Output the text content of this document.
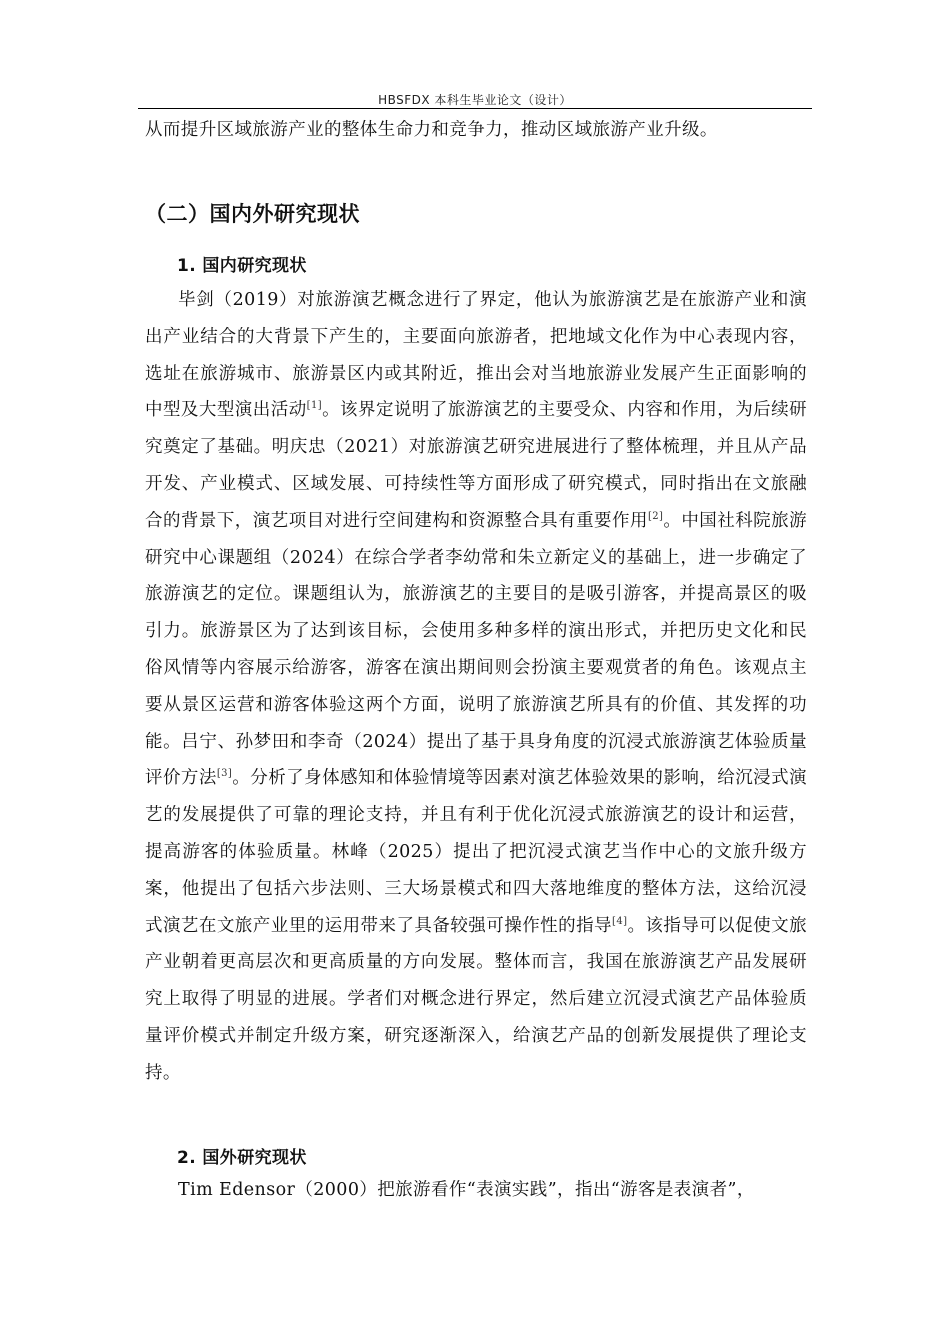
HBSFDX 本科生毕业论文（设计）
从而提升区域旅游产业的整体生命力和竞争力，推动区域旅游产业升级。
（二）国内外研究现状
1. 国内研究现状
毕剑（2019）对旅游演艺概念进行了界定，他认为旅游演艺是在旅游产业和演出产业结合的大背景下产生的，主要面向旅游者，把地域文化作为中心表现内容，选址在旅游城市、旅游景区内或其附近，推出会对当地旅游业发展产生正面影响的中型及大型演出活动[1]。该界定说明了旅游演艺的主要受众、内容和作用，为后续研究奠定了基础。明庆忠（2021）对旅游演艺研究进展进行了整体梳理，并且从产品开发、产业模式、区域发展、可持续性等方面形成了研究模式，同时指出在文旅融合的背景下，演艺项目对进行空间建构和资源整合具有重要作用[2]。中国社科院旅游研究中心课题组（2024）在综合学者李幼常和朱立新定义的基础上，进一步确定了旅游演艺的定位。课题组认为，旅游演艺的主要目的是吸引游客，并提高景区的吸引力。旅游景区为了达到该目标，会使用多种多样的演出形式，并把历史文化和民俗风情等内容展示给游客，游客在演出期间则会扮演主要观赏者的角色。该观点主要从景区运营和游客体验这两个方面，说明了旅游演艺所具有的价值、其发挥的功能。吕宁、孙梦田和李奇（2024）提出了基于具身角度的沉浸式旅游演艺体验质量评价方法[3]。分析了身体感知和体验情境等因素对演艺体验效果的影响，给沉浸式演艺的发展提供了可靠的理论支持，并且有利于优化沉浸式旅游演艺的设计和运营，提高游客的体验质量。林峰（2025）提出了把沉浸式演艺当作中心的文旅升级方案，他提出了包括六步法则、三大场景模式和四大落地维度的整体方法，这给沉浸式演艺在文旅产业里的运用带来了具备较强可操作性的指导[4]。该指导可以促使文旅产业朝着更高层次和更高质量的方向发展。整体而言，我国在旅游演艺产品发展研究上取得了明显的进展。学者们对概念进行界定，然后建立沉浸式演艺产品体验质量评价模式并制定升级方案，研究逐渐深入，给演艺产品的创新发展提供了理论支持。
2. 国外研究现状
Tim Edensor（2000）把旅游看作“表演实践”，指出“游客是表演者”，
